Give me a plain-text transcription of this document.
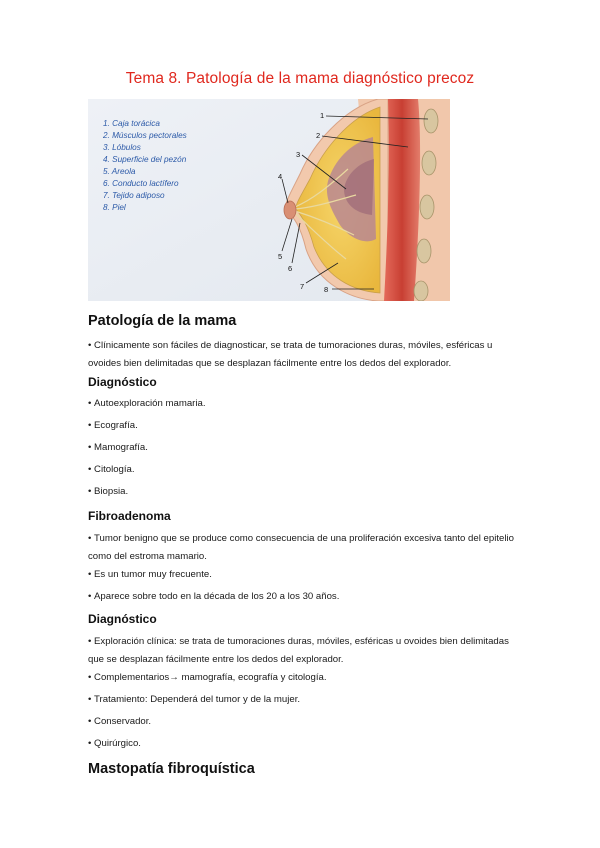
Tema 8. Patología de la mama diagnóstico precoz
1. Caja torácica
2. Músculos pectorales
3. Lóbulos
4. Superficie del pezón
5. Areola
6. Conducto lactífero
7. Tejido adiposo
8. Piel
1
2
3
4
5
6
7	8
Patología de la mama
• Clínicamente son fáciles de diagnosticar, se trata de tumoraciones duras, móviles, esféricas u ovoides bien delimitadas que se desplazan fácilmente entre los dedos del explorador.
Diagnóstico
• Autoexploración mamaria.
• Ecografía.
• Mamografía.
• Citología.
• Biopsia.
Fibroadenoma
• Tumor benigno que se produce como consecuencia de una proliferación excesiva tanto del epitelio como del estroma mamario.
• Es un tumor muy frecuente.
• Aparece sobre todo en la década de los 20 a los 30 años.
Diagnóstico
• Exploración clínica: se trata de tumoraciones duras, móviles, esféricas u ovoides bien delimitadas que se desplazan fácilmente entre los dedos del explorador.
• Complementarios→ mamografía, ecografía y citología.
• Tratamiento: Dependerá del tumor y de la mujer.
• Conservador.
• Quirúrgico.
Mastopatía fibroquística
